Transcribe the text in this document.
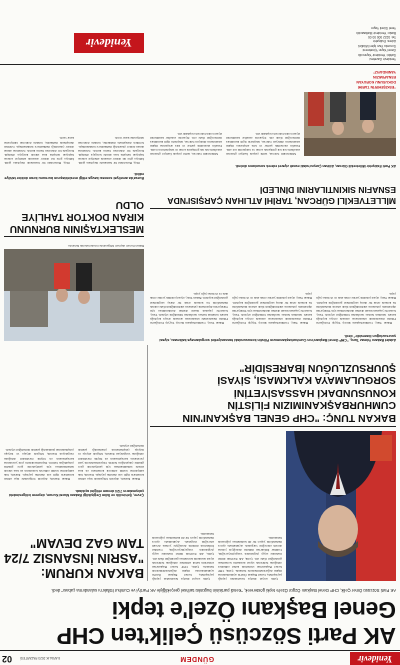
Yenidevir
GÜNDEM
8 ARALIK 2023 PAZARTESİ
02
AK Parti Sözcüsü Çelik'ten CHP Genel Başkanı Özel'e tepki
AK Parti Sözcüsü Ömer Çelik, CHP Genel Başkanı Özgür Özel'e tepki göstererek, "Kendi partisinin bugünkü tarihsel gerçekliğiyle AK Parti'yi ve Cumhur İttifakı'nı sulandırma çabası" dedi.

Çelik sosyal medya hesabından yaptığı paylaşımda, Genel Başkan Özel'in açıklamalarına ilişkin değerlendirmelerde bulundu. Çelik, CHP Genel Başkanı'nın sözlerinin kabul edilemez olduğunu belirterek siyasi nezaketin korunması gerektiğini ifade etti. Çelik, AK Parti'nin millet iradesine saygı çizgisinden vazgeçmeyeceğini, Cumhur İttifakı'nın milletin desteğiyle yoluna devam edeceğini vurguladı. Açıklamada ayrıca muhalefetin yapıcı bir dil kullanması çağrısında bulunuldu.

Çelik sosyal medya hesabından yaptığı paylaşımda, Genel Başkan Özel'in açıklamalarına ilişkin değerlendirmelerde bulundu. Çelik, CHP Genel Başkanı'nın sözlerinin kabul edilemez olduğunu belirterek siyasi nezaketin korunması gerektiğini ifade etti. Çelik, AK Parti'nin millet iradesine saygı çizgisinden vazgeçmeyeceğini, Cumhur İttifakı'nın milletin desteğiyle yoluna devam edeceğini vurguladı. Açıklamada ayrıca muhalefetin yapıcı bir dil kullanması çağrısında bulunuldu.

BAKAN KURUM: "ASRIN İNSANSIZ 7/24 TAM GAZ DEVAM"
Çevre, Şehircilik ve İklim Değişikliği Bakanı Murat Kurum, deprem bölgesindeki çalışmaların 7/24 devam ettiğini açıkladı.

Bakan Kurum, deprem bölgesinde inşa edilen konutlarla ilgili son durumu paylaştı. Kurum, hak sahiplerine teslim edilecek konutların en kısa sürede tamamlanması için şantiyelerde gece gündüz çalışıldığını belirtti. Depremzedelerin yeni yuvalarına kavuşmasının en büyük öncelikleri olduğunu vurgulayan Kurum, bölgede altyapı ve üstyapı çalışmalarının planlandığı şekilde ilerlediğini söyledi.

Bakan Kurum, deprem bölgesinde inşa edilen konutlarla ilgili son durumu paylaştı. Kurum, hak sahiplerine teslim edilecek konutların en kısa sürede tamamlanması için şantiyelerde gece gündüz çalışıldığını belirtti. Depremzedelerin yeni yuvalarına kavuşmasının en büyük öncelikleri olduğunu vurgulayan Kurum, bölgede altyapı ve üstyapı çalışmalarının planlandığı şekilde ilerlediğini söyledi.

BAKAN TUNÇ: "CHP GENEL BAŞKANI'NIN CUMHURBAŞKANIMIZIN FİLİSTİN KONUSUNDAKİ HASSASİYETİNİ SORGULAMAYA KALKMASI, SİYASİ ŞUURSUZLUĞUN İBARESİDİR"
Adalet Bakanı Yılmaz Tunç, "CHP Genel Başkanı'nın Cumhurbaşkanımızın Filistin konusundaki hassasiyetini sorgulamaya kalkması, siyasi şuursuzluğun ibaresidir" dedi.

Bakan Tunç, Cumhurbaşkanı Recep Tayyip Erdoğan'ın Filistin meselesinde uluslararası arenada ortaya koyduğu kararlı tutumun herkes tarafından bilindiğini söyledi. Tunç, Gazze'de yaşanan insani dramın durdurulması için Türkiye'nin diplomatik çabalarını sürdürdüğünü ifade ederek muhalefetin bu konuda ortak bir duruş sergilemesi gerektiğini kaydetti. Bakan Tunç, siyasi polemik yerine ortak akla ve vicdana çağrı yaptı.

Bakan Tunç, Cumhurbaşkanı Recep Tayyip Erdoğan'ın Filistin meselesinde uluslararası arenada ortaya koyduğu kararlı tutumun herkes tarafından bilindiğini söyledi. Tunç, Gazze'de yaşanan insani dramın durdurulması için Türkiye'nin diplomatik çabalarını sürdürdüğünü ifade ederek muhalefetin bu konuda ortak bir duruş sergilemesi gerektiğini kaydetti. Bakan Tunç, siyasi polemik yerine ortak akla ve vicdana çağrı yaptı.

Bakan Tunç, Cumhurbaşkanı Recep Tayyip Erdoğan'ın Filistin meselesinde uluslararası arenada ortaya koyduğu kararlı tutumun herkes tarafından bilindiğini söyledi. Tunç, Gazze'de yaşanan insani dramın durdurulması için Türkiye'nin diplomatik çabalarını sürdürdüğünü ifade ederek muhalefetin bu konuda ortak bir duruş sergilemesi gerektiğini kaydetti. Bakan Tunç, siyasi polemik yerine ortak akla ve vicdana çağrı yaptı.

Bakan Kurum deprem bölgesinde incelemelerde bulundu.
MESLEKTAŞININ BURNUNU KIRAN DOKTOR TAHLİYE OLDU
Bursa'da ameliyat sonrası kavga ettiği meslektaşının burnunu kıran doktor tahliye edildi.

Olay, Bursa'daki bir hastanede meydana geldi. İddiaya göre iki doktor arasında ameliyat sonrası başlayan tartışma kısa sürede kavgaya dönüştü. Kavgada bir doktorun burnu kırıldı. Gözaltına alınan doktor çıkarıldığı mahkemece tutuklanmıştı. Görülen duruşmada mahkeme, tutuklu doktorun tahliyesine karar verdi.

Olay, Bursa'daki bir hastanede meydana geldi. İddiaya göre iki doktor arasında ameliyat sonrası başlayan tartışma kısa sürede kavgaya dönüştü. Kavgada bir doktorun burnu kırıldı. Gözaltına alınan doktor çıkarıldığı mahkemece tutuklanmıştı. Görülen duruşmada mahkeme, tutuklu doktorun tahliyesine karar verdi.

MİLLETVEKİLİ GÜRCAN, TARİHİ ATLIHAN ÇARŞISI'NDA ESNAFIN SIKINTILARINI DİNLEDİ
AK Parti Eskişehir Milletvekili Gürcan, Atlıhan Çarşısı'ndaki esnafı ziyaret ederek sorunlarını dinledi.

Milletvekili Gürcan, tarihi çarşıda faaliyet gösteren esnaflarla tek tek görüşerek sorun ve taleplerini not aldı. Esnafın ekonomik şartlar ve kira artışlarına ilişkin sıkıntılarını dinleyen Gürcan, taleplerin ilgili kurumlara iletileceğini ifade etti. Ziyarette esnaflar kendilerini ziyaret eden Gürcan'a teşekkür etti.

Milletvekili Gürcan, tarihi çarşıda faaliyet gösteren esnaflarla tek tek görüşerek sorun ve taleplerini not aldı. Esnafın ekonomik şartlar ve kira artışlarına ilişkin sıkıntılarını dinleyen Gürcan, taleplerin ilgili kurumlara iletileceğini ifade etti. Ziyarette esnaflar kendilerini ziyaret eden Gürcan'a teşekkür etti.

"ESKİŞEHİR'İN TARİHİ
DOKUSUNU KORUYAN
ESNAFIMIZIN
YANINDAYIZ"
Yenidevir Gazetesi
Sahibi: Yenidevir Yayıncılık
Genel Yayın Yönetmeni
Sorumlu Yazı İşleri Müdürü
Adres: Eskişehir
Tel: 0222 000 00 00
Baskı: Yenidevir Matbaacılık
Yerel Süreli Yayın
Yenidevir
